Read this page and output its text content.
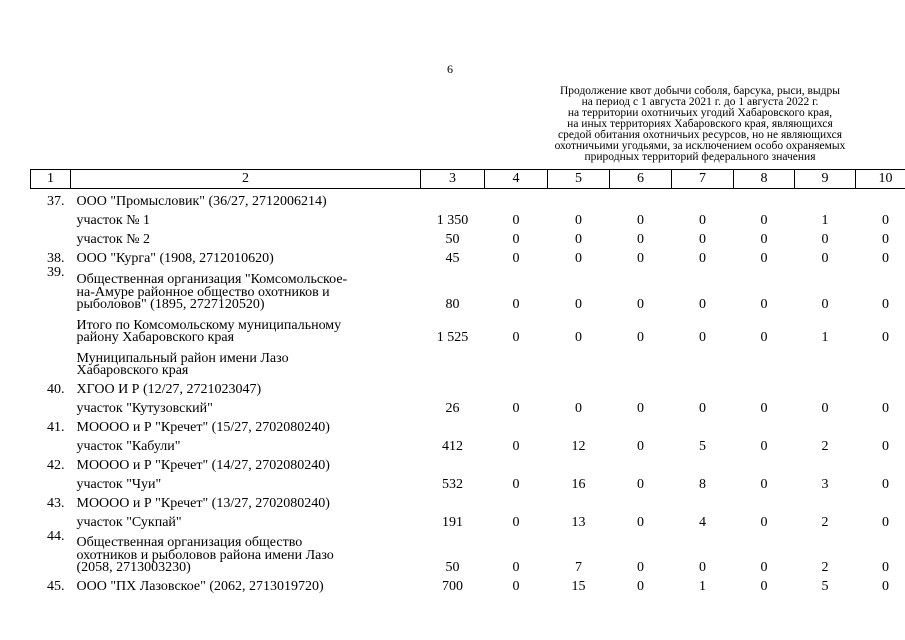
6
Продолжение квот добычи соболя, барсука, рыси, выдры
на период с 1 августа 2021 г. до 1 августа 2022 г.
на территории охотничьих угодий Хабаровского края,
на иных территориях Хабаровского края, являющихся
средой обитания охотничьих ресурсов, но не являющихся
охотничьими угодьями, за исключением особо охраняемых
природных территорий федерального значения
1	2	3	4	5	6	7	8	9	10
37.	ООО "Промысловик" (36/27, 2712006214)								

	участок № 1	1 350	0	0	0	0	0	1	0

	участок № 2	50	0	0	0	0	0	0	0
38.	ООО "Курга" (1908, 2712010620)	45	0	0	0	0	0	0	0
39.	Общественная организация "Комсомольское-
на-Амуре районное общество охотников и
рыболовов" (1895, 2727120520)	80	0	0	0	0	0	0	0

	Итого по Комсомольскому муниципальному
району Хабаровского края	1 525	0	0	0	0	0	1	0

	Муниципальный район имени Лазо
Хабаровского края								

40.	ХГОО И Р (12/27, 2721023047)								

	участок "Кутузовский"	26	0	0	0	0	0	0	0
41.	МОООО и Р "Кречет" (15/27, 2702080240)								

	участок "Кабули"	412	0	12	0	5	0	2	0
42.	МОООО и Р "Кречет" (14/27, 2702080240)								

	участок "Чуи"	532	0	16	0	8	0	3	0
43.	МОООО и Р "Кречет" (13/27, 2702080240)								

	участок "Сукпай"	191	0	13	0	4	0	2	0
44.	Общественная организация общество
охотников и рыболовов района имени Лазо
(2058, 2713003230)	50	0	7	0	0	0	2	0
45.	ООО "ПХ Лазовское" (2062, 2713019720)	700	0	15	0	1	0	5	0
